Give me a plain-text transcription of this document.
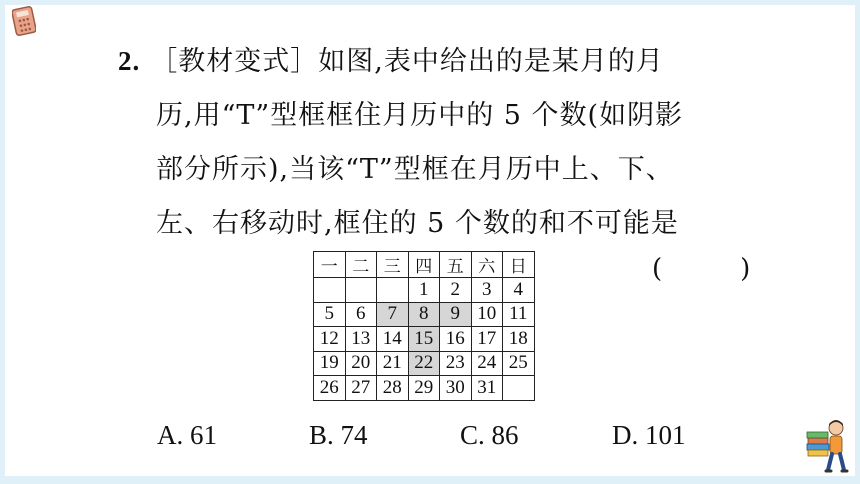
2. ［教材变式］如图,表中给出的是某月的月
历,用“T”型框框住月历中的 5 个数(如阴影
部分所示),当该“T”型框在月历中上、下、
左、右移动时,框住的 5 个数的和不可能是
(　)
一	二	三	四	五	六	日
			1	2	3	4
5	6	7	8	9	10	11
12	13	14	15	16	17	18
19	20	21	22	23	24	25
26	27	28	29	30	31	
A. 61	B. 74	C. 86	D. 101
